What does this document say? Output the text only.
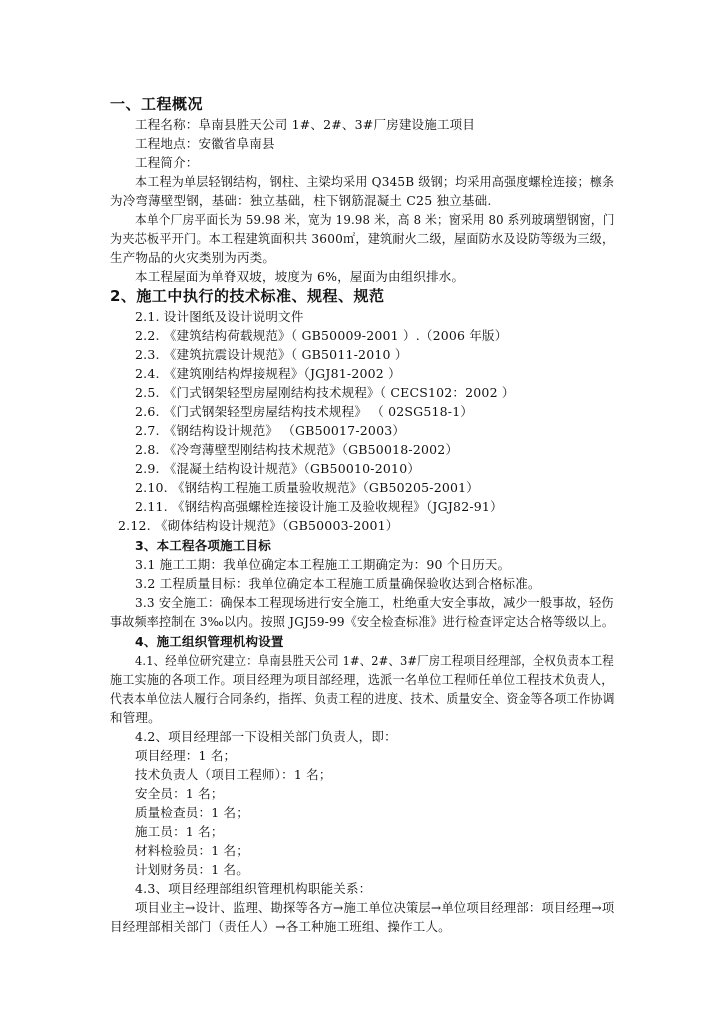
一、工程概况
工程名称：阜南县胜天公司 1#、2#、3#厂房建设施工项目
工程地点：安徽省阜南县
工程简介：
本工程为单层轻钢结构，钢柱、主梁均采用 Q345B 级钢；均采用高强度螺栓连接；檩条
为冷弯薄壁型钢，基础：独立基础，柱下钢筋混凝土 C25 独立基础.
本单个厂房平面长为 59.98 米，宽为 19.98 米，高 8 米；窗采用 80 系列玻璃塑钢窗，门
为夹芯板平开门。本工程建筑面积共 3600㎡，建筑耐火二级，屋面防水及设防等级为三级，
生产物品的火灾类别为丙类。
本工程屋面为单脊双坡，坡度为 6%，屋面为由组织排水。
2、施工中执行的技术标准、规程、规范
2.1. 设计图纸及设计说明文件
2.2. 《建筑结构荷载规范》（ GB50009-2001 ）.（2006 年版）
2.3. 《建筑抗震设计规范》（ GB5011-2010 ）
2.4. 《建筑刚结构焊接规程》（JGJ81-2002 ）
2.5. 《门式钢架轻型房屋刚结构技术规程》（ CECS102：2002 ）
2.6. 《门式钢架轻型房屋结构技术规程》 （ 02SG518-1）
2.7. 《钢结构设计规范》 （GB50017-2003）
2.8. 《冷弯薄壁型刚结构技术规范》（GB50018-2002）
2.9. 《混凝土结构设计规范》（GB50010-2010）
2.10. 《钢结构工程施工质量验收规范》（GB50205-2001）
2.11. 《钢结构高强螺栓连接设计施工及验收规程》（JGJ82-91）
2.12. 《砌体结构设计规范》（GB50003-2001）
3、本工程各项施工目标
3.1 施工工期：我单位确定本工程施工工期确定为：90 个日历天。
3.2 工程质量目标：我单位确定本工程施工质量确保验收达到合格标准。
3.3 安全施工：确保本工程现场进行安全施工，杜绝重大安全事故，减少一般事故，轻伤
事故频率控制在 3‰以内。按照 JGJ59-99《安全检查标准》进行检查评定达合格等级以上。
4、施工组织管理机构设置
4.1、经单位研究建立：阜南县胜天公司 1#、2#、3#厂房工程项目经理部，全权负责本工程
施工实施的各项工作。项目经理为项目部经理，选派一名单位工程师任单位工程技术负责人，
代表本单位法人履行合同条约，指挥、负责工程的进度、技术、质量安全、资金等各项工作协调
和管理。
4.2、项目经理部一下设相关部门负责人，即：
项目经理：1 名；
技术负责人（项目工程师）：1 名；
安全员：1 名；
质量检查员：1 名；
施工员：1 名；
材料检验员：1 名；
计划财务员：1 名。
4.3、项目经理部组织管理机构职能关系：
项目业主→设计、监理、勘探等各方→施工单位决策层→单位项目经理部：项目经理→项
目经理部相关部门（责任人）→各工种施工班组、操作工人。
